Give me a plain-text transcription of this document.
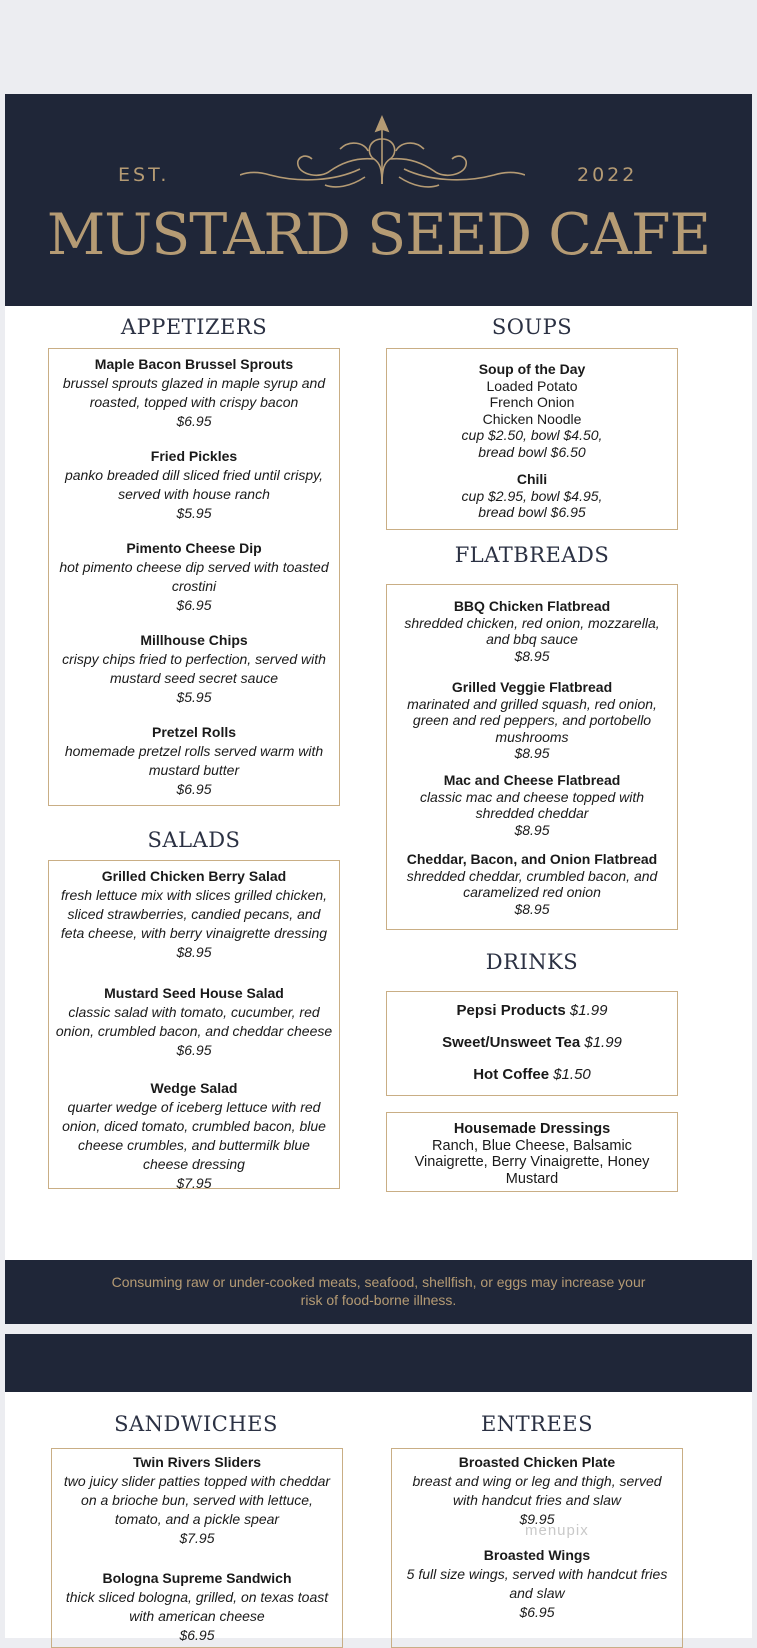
EST.	2022
MUSTARD SEED CAFE
APPETIZERS
Maple Bacon Brussel Sprouts
brussel sprouts glazed in maple syrup and
roasted, topped with crispy bacon
$6.95
Fried Pickles
panko breaded dill sliced fried until crispy,
served with house ranch
$5.95
Pimento Cheese Dip
hot pimento cheese dip served with toasted
crostini
$6.95
Millhouse Chips
crispy chips fried to perfection, served with
mustard seed secret sauce
$5.95
Pretzel Rolls
homemade pretzel rolls served warm with
mustard butter
$6.95
SALADS
Grilled Chicken Berry Salad
fresh lettuce mix with slices grilled chicken,
sliced strawberries, candied pecans, and
feta cheese, with berry vinaigrette dressing
$8.95
Mustard Seed House Salad
classic salad with tomato, cucumber, red
onion, crumbled bacon, and cheddar cheese
$6.95
Wedge Salad
quarter wedge of iceberg lettuce with red
onion, diced tomato, crumbled bacon, blue
cheese crumbles, and buttermilk blue
cheese dressing
$7.95
SOUPS
Soup of the Day
Loaded Potato
French Onion
Chicken Noodle
cup $2.50, bowl $4.50,
bread bowl $6.50
Chili
cup $2.95, bowl $4.95,
bread bowl $6.95
FLATBREADS
BBQ Chicken Flatbread
shredded chicken, red onion, mozzarella,
and bbq sauce
$8.95
Grilled Veggie Flatbread
marinated and grilled squash, red onion,
green and red peppers, and portobello
mushrooms
$8.95
Mac and Cheese Flatbread
classic mac and cheese topped with
shredded cheddar
$8.95
Cheddar, Bacon, and Onion Flatbread
shredded cheddar, crumbled bacon, and
caramelized red onion
$8.95
DRINKS
Pepsi Products $1.99
Sweet/Unsweet Tea $1.99
Hot Coffee $1.50
Housemade Dressings
Ranch, Blue Cheese, Balsamic
Vinaigrette, Berry Vinaigrette, Honey
Mustard

Consuming raw or under-cooked meats, seafood, shellfish, or eggs may increase your
risk of food-borne illness.

SANDWICHES
Twin Rivers Sliders
two juicy slider patties topped with cheddar
on a brioche bun, served with lettuce,
tomato, and a pickle spear
$7.95
Bologna Supreme Sandwich
thick sliced bologna, grilled, on texas toast
with american cheese
$6.95
ENTREES
Broasted Chicken Plate
breast and wing or leg and thigh, served
with handcut fries and slaw
$9.95
Broasted Wings
5 full size wings, served with handcut fries
and slaw
$6.95
menupix
